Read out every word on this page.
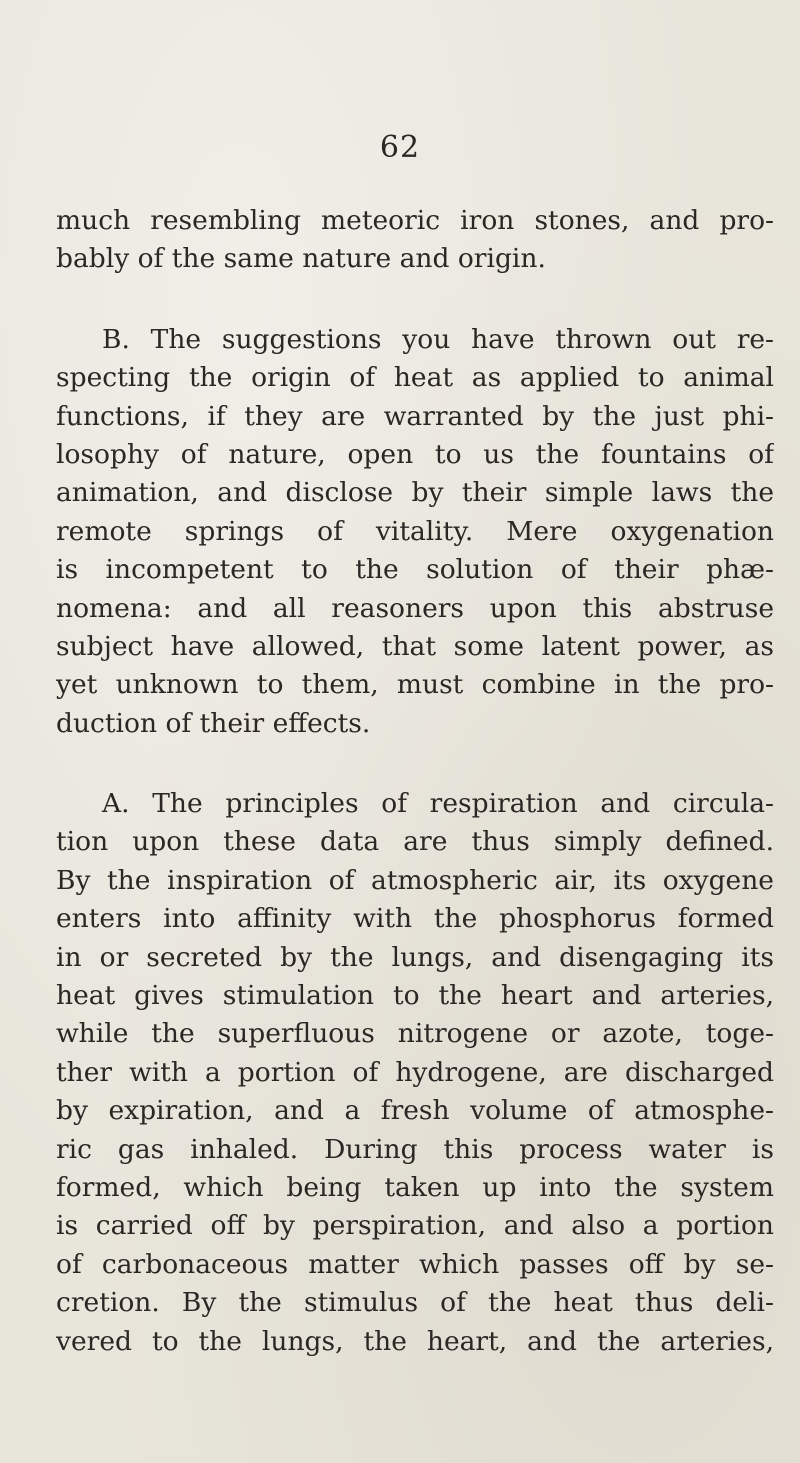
62
much resembling meteoric iron stones, and pro-
bably of the same nature and origin.
B. The suggestions you have thrown out re-
specting the origin of heat as applied to animal
functions, if they are warranted by the just phi-
losophy of nature, open to us the fountains of
animation, and disclose by their simple laws the
remote springs of vitality. Mere oxygenation
is incompetent to the solution of their phæ-
nomena: and all reasoners upon this abstruse
subject have allowed, that some latent power, as
yet unknown to them, must combine in the pro-
duction of their effects.
A. The principles of respiration and circula-
tion upon these data are thus simply defined.
By the inspiration of atmospheric air, its oxygene
enters into affinity with the phosphorus formed
in or secreted by the lungs, and disengaging its
heat gives stimulation to the heart and arteries,
while the superfluous nitrogene or azote, toge-
ther with a portion of hydrogene, are discharged
by expiration, and a fresh volume of atmosphe-
ric gas inhaled. During this process water is
formed, which being taken up into the system
is carried off by perspiration, and also a portion
of carbonaceous matter which passes off by se-
cretion. By the stimulus of the heat thus deli-
vered to the lungs, the heart, and the arteries,
